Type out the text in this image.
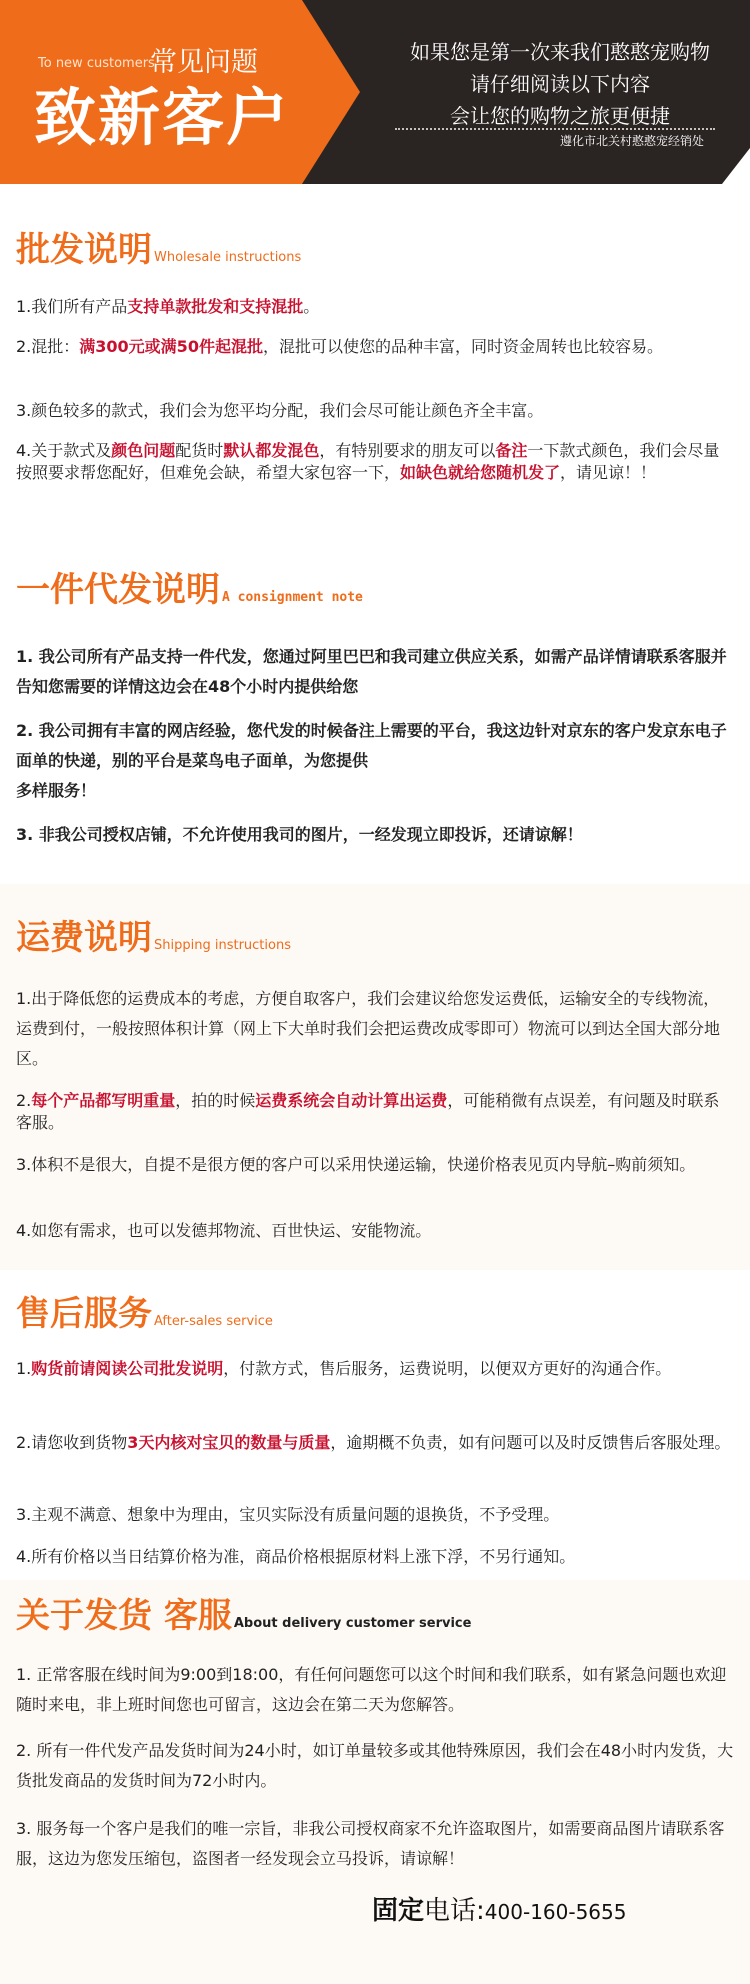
To new customers
常见问题
致新客户
如果您是第一次来我们憨憨宠购物
请仔细阅读以下内容
会让您的购物之旅更便捷
遵化市北关村憨憨宠经销处
批发说明 Wholesale instructions
1.我们所有产品支持单款批发和支持混批。
2.混批：满300元或满50件起混批，混批可以使您的品种丰富，同时资金周转也比较容易。
3.颜色较多的款式，我们会为您平均分配，我们会尽可能让颜色齐全丰富。
4.关于款式及颜色问题配货时默认都发混色，有特别要求的朋友可以备注一下款式颜色，我们会尽量按照要求帮您配好，但难免会缺，希望大家包容一下，如缺色就给您随机发了，请见谅！！
一件代发说明 A consignment note
1. 我公司所有产品支持一件代发，您通过阿里巴巴和我司建立供应关系，如需产品详情请联系客服并告知您需要的详情这边会在48个小时内提供给您
2. 我公司拥有丰富的网店经验，您代发的时候备注上需要的平台，我这边针对京东的客户发京东电子面单的快递，别的平台是菜鸟电子面单，为您提供
多样服务！
3. 非我公司授权店铺，不允许使用我司的图片，一经发现立即投诉，还请谅解！
运费说明 Shipping instructions
1.出于降低您的运费成本的考虑，方便自取客户，我们会建议给您发运费低，运输安全的专线物流，运费到付，一般按照体积计算（网上下大单时我们会把运费改成零即可）物流可以到达全国大部分地区。
2.每个产品都写明重量，拍的时候运费系统会自动计算出运费，可能稍微有点误差，有问题及时联系客服。
3.体积不是很大，自提不是很方便的客户可以采用快递运输，快递价格表见页内导航–购前须知。
4.如您有需求，也可以发德邦物流、百世快运、安能物流。
售后服务 After-sales service
1.购货前请阅读公司批发说明，付款方式，售后服务，运费说明，以便双方更好的沟通合作。
2.请您收到货物3天内核对宝贝的数量与质量，逾期概不负责，如有问题可以及时反馈售后客服处理。
3.主观不满意、想象中为理由，宝贝实际没有质量问题的退换货，不予受理。
4.所有价格以当日结算价格为准，商品价格根据原材料上涨下浮，不另行通知。
关于发货 客服 About delivery customer service
1. 正常客服在线时间为9:00到18:00，有任何问题您可以这个时间和我们联系，如有紧急问题也欢迎随时来电，非上班时间您也可留言，这边会在第二天为您解答。
2. 所有一件代发产品发货时间为24小时，如订单量较多或其他特殊原因，我们会在48小时内发货，大货批发商品的发货时间为72小时内。
3. 服务每一个客户是我们的唯一宗旨，非我公司授权商家不允许盗取图片，如需要商品图片请联系客服，这边为您发压缩包，盗图者一经发现会立马投诉，请谅解！
固定电话:400-160-5655
